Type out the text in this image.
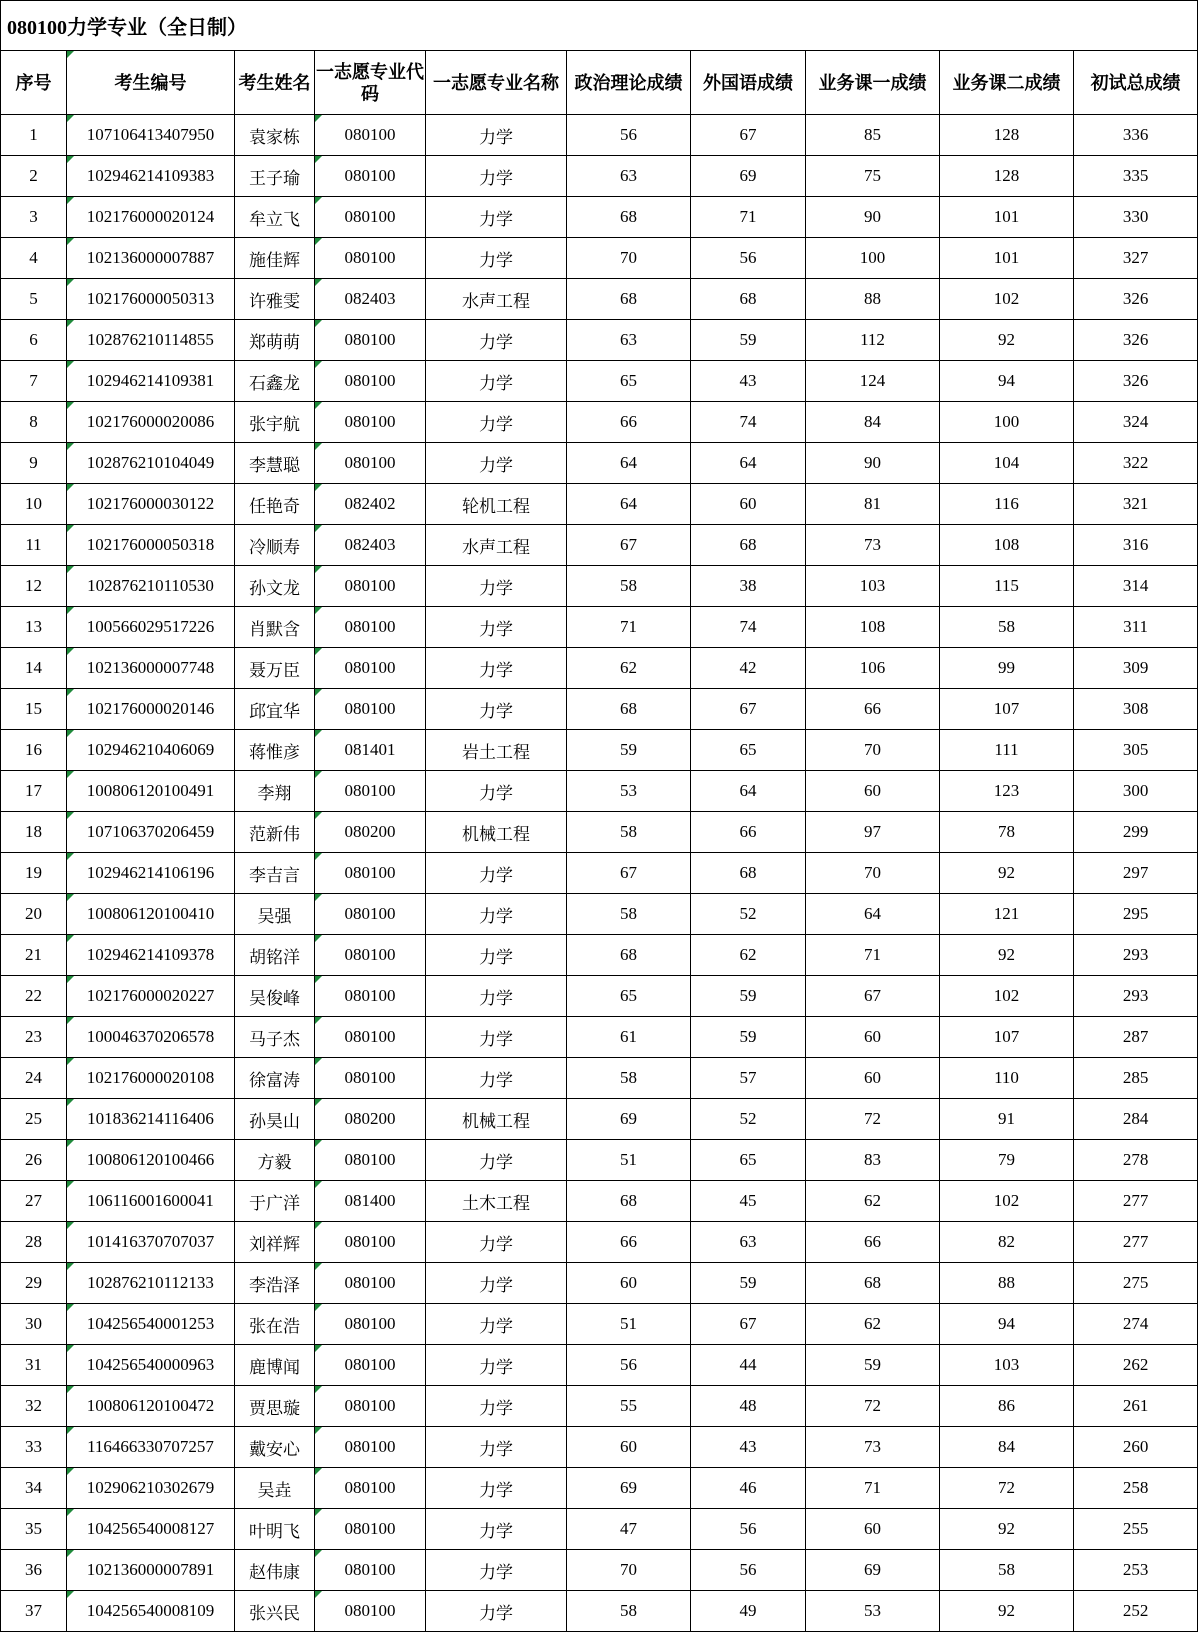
080100力学专业（全日制）									
序号	考生编号	考生姓名	一志愿专业代码	一志愿专业名称	政治理论成绩	外国语成绩	业务课一成绩	业务课二成绩	初试总成绩
1	107106413407950	袁家栋	080100	力学	56	67	85	128	336
2	102946214109383	王子瑜	080100	力学	63	69	75	128	335
3	102176000020124	牟立飞	080100	力学	68	71	90	101	330
4	102136000007887	施佳辉	080100	力学	70	56	100	101	327
5	102176000050313	许雅雯	082403	水声工程	68	68	88	102	326
6	102876210114855	郑萌萌	080100	力学	63	59	112	92	326
7	102946214109381	石鑫龙	080100	力学	65	43	124	94	326
8	102176000020086	张宇航	080100	力学	66	74	84	100	324
9	102876210104049	李慧聪	080100	力学	64	64	90	104	322
10	102176000030122	任艳奇	082402	轮机工程	64	60	81	116	321
11	102176000050318	冷顺寿	082403	水声工程	67	68	73	108	316
12	102876210110530	孙文龙	080100	力学	58	38	103	115	314
13	100566029517226	肖默含	080100	力学	71	74	108	58	311
14	102136000007748	聂万臣	080100	力学	62	42	106	99	309
15	102176000020146	邱宜华	080100	力学	68	67	66	107	308
16	102946210406069	蒋惟彦	081401	岩土工程	59	65	70	111	305
17	100806120100491	李翔	080100	力学	53	64	60	123	300
18	107106370206459	范新伟	080200	机械工程	58	66	97	78	299
19	102946214106196	李吉言	080100	力学	67	68	70	92	297
20	100806120100410	吴强	080100	力学	58	52	64	121	295
21	102946214109378	胡铭洋	080100	力学	68	62	71	92	293
22	102176000020227	吴俊峰	080100	力学	65	59	67	102	293
23	100046370206578	马子杰	080100	力学	61	59	60	107	287
24	102176000020108	徐富涛	080100	力学	58	57	60	110	285
25	101836214116406	孙昊山	080200	机械工程	69	52	72	91	284
26	100806120100466	方毅	080100	力学	51	65	83	79	278
27	106116001600041	于广洋	081400	土木工程	68	45	62	102	277
28	101416370707037	刘祥辉	080100	力学	66	63	66	82	277
29	102876210112133	李浩泽	080100	力学	60	59	68	88	275
30	104256540001253	张在浩	080100	力学	51	67	62	94	274
31	104256540000963	鹿博闻	080100	力学	56	44	59	103	262
32	100806120100472	贾思璇	080100	力学	55	48	72	86	261
33	116466330707257	戴安心	080100	力学	60	43	73	84	260
34	102906210302679	吴垚	080100	力学	69	46	71	72	258
35	104256540008127	叶明飞	080100	力学	47	56	60	92	255
36	102136000007891	赵伟康	080100	力学	70	56	69	58	253
37	104256540008109	张兴民	080100	力学	58	49	53	92	252
